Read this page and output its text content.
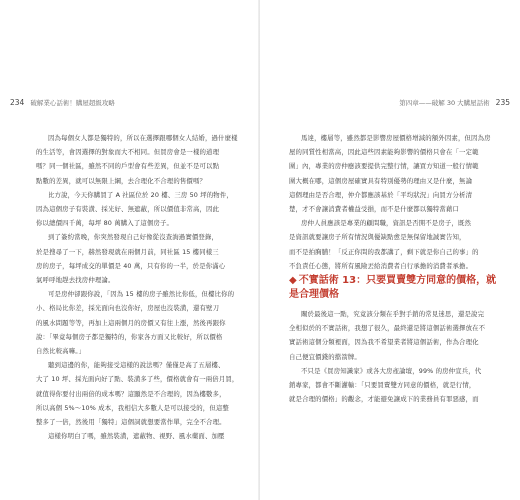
234 破解業心話術！購屋超級攻略

因為每個女人都是獨特的，所以在選擇跟哪個女人結婚，過什麼樣
的生活等，會因選擇的對象而大不相同。但買房會是一樣的道理
嗎？同一個社區，雖然不同的戶型會有些差異，但並不是可以點
點數的差異，就可以無限上綱，去合理化不合理的售價嗎？

比方說，今天你購買了 A 社區位於 20 樓、三房 50 坪的物件，
因為這個房子有裝潢、採光好、無遮蔽，所以價值非常高，因此
你以總價四千萬，每坪 80 萬購入了這個房子。

到了簽約當晚，你突然發現自己好像從沒查詢過實價登錄，
於是搜尋了一下，赫然發現就在兩個月前，同社區 15 樓同樣三
房的房子，每坪成交的單價是 40 萬，只有你的一半，於是你滿心
氣呼呼地趕去找房仲理論。

可是房仲卻跟你說，「因為 15 樓的房子雖然比你低，但樓比你的
小、格局比你差，採光面向也沒你好，房屋也沒裝潢，還有壁刀
的風水問題等等，再加上這兩個月的房價又有往上漲，然後再跟你
說：「畢竟每個房子都是獨特的，你家各方面又比較好，所以價格
自然比較高嘛。」

聽到這邊的你，能夠接受這樣的說法嗎？僅僅是高了五層樓、
大了 10 坪、採光面向好了點、裝潢多了些，價格就會有一兩倍月買，
就值得你要付出兩倍的成本嗎？這顯然是不合理的，因為樓數多，
所以高個 5%～10% 成本，我相信大多數人是可以接受的，但這整
整多了一倍，然後用「獨特」這個詞就想要當作單，完全不合理。

這樣你明白了嗎，雖然裝潢，遮蔽物、視野、風水藥面、加壓

第四章——破解 30 大購屋話術 235

馬達，樓層等，雖然都是影響房屋價格增減的額外因素，但因為房
屋的同質性相當高，因此這些因素能夠影響的價格只會在「一定範
圍」內，專業的房仲應該要提供完整行情，讓買方知道一般行情範
圍大概在哪，這個房屋確實具有特別優勢的理由又是什麼，無論
這個理由是否合理，仲介都應該基於「平均狀況」向買方分析清
楚，才不會讓消費者權益受損，而不是什麼都以獨特當藉口

房仲人員應該是專業的顧問職，資訊是否開不是房子，既然
是資訊就要讓房子所有情況與優缺點愈是無保留地誠實告知，
而不是拍胸脯！「反正你問的我都講了，剩下就是你自己的事」的
不負責任心態，將所有風險丟給消費者自行承擔的消費者承擔。

◆ 不實話術 13：只要買賣雙方同意的價格，就是合理價格

關於最後這一點，究竟該分類在乎對手銷的常見迷思，還是說完
全相似於的不實話術，我想了很久，最終還是將這個話術選擇放在不
實話術這個分類裡面，因為我不希望業者將這個話術，作為合理化
自己便宜價錢的擋箭牌。

不只是《買房知識家》或各大房產論壇，99% 的房仲宣兵，代
銷專家，都會不斷灌輸：「只要買賣雙方同意的價格，就是行情，
就是合理的價格」的觀念，才能避免讓成下的業務員有罪惡感，而
